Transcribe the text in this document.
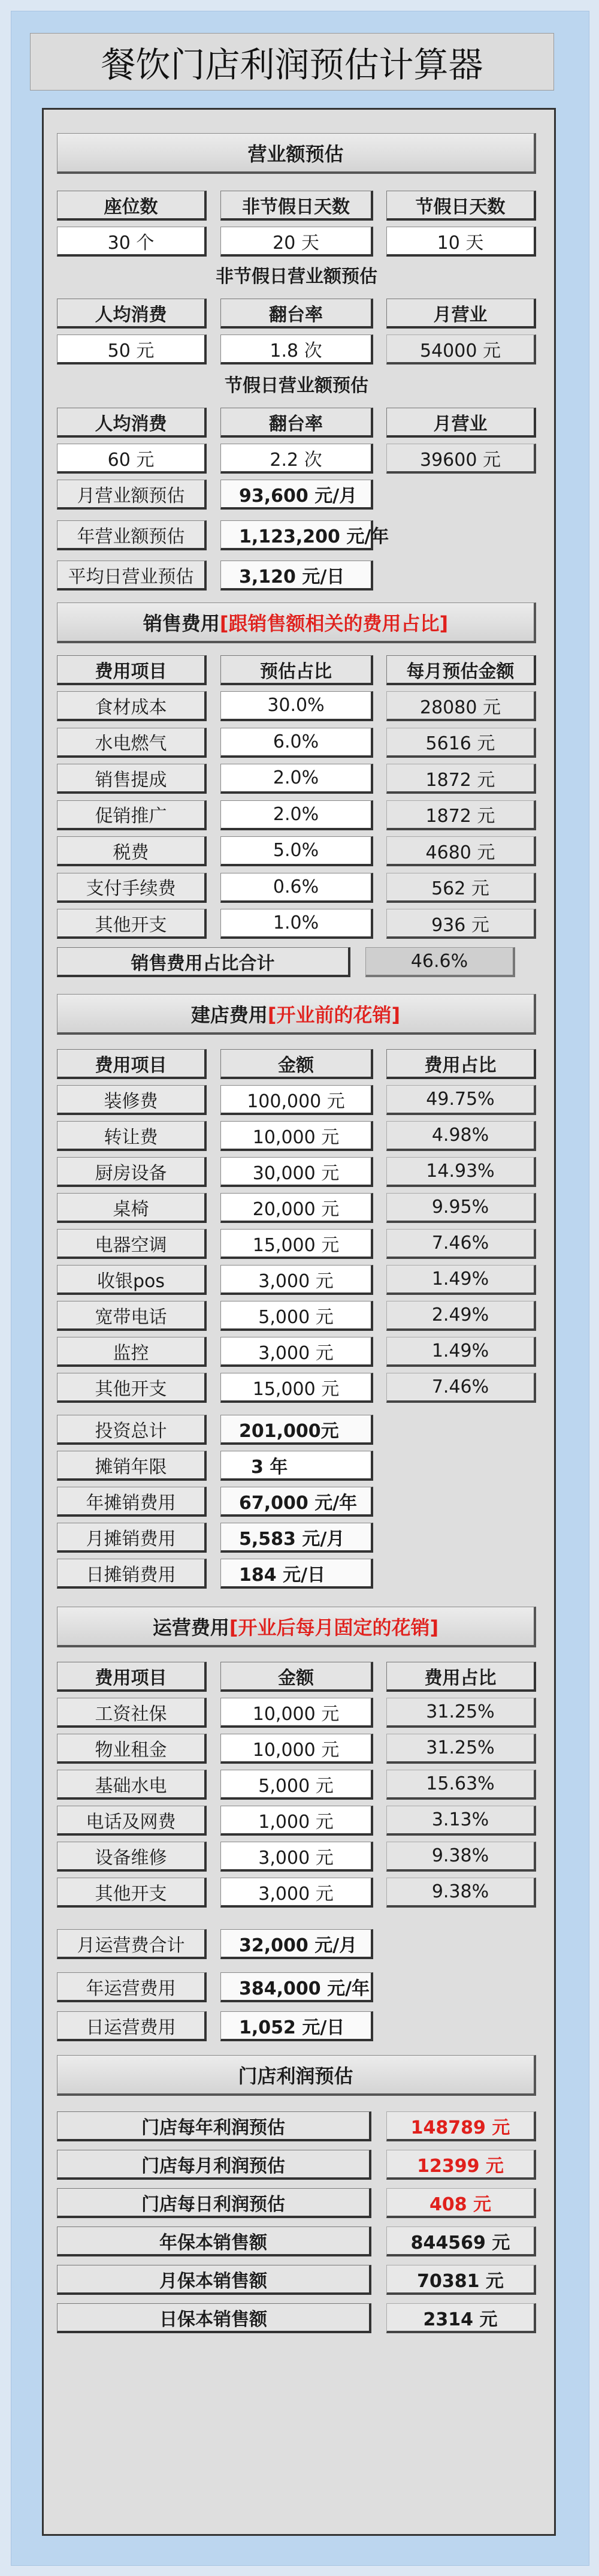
餐饮门店利润预估计算器
营业额预估
座位数	非节假日天数	节假日天数
30 个	20 天	10 天
非节假日营业额预估
人均消费	翻台率	月营业
50 元	1.8 次	54000 元
节假日营业额预估
人均消费	翻台率	月营业
60 元	2.2 次	39600 元
月营业额预估	93,600 元/月
年营业额预估	1,123,200 元/年
平均日营业预估	3,120 元/日
销售费用 [跟销售额相关的费用占比]
费用项目	预估占比	每月预估金额
食材成本	30.0%	28080 元
水电燃气	6.0%	5616 元
销售提成	2.0%	1872 元
促销推广	2.0%	1872 元
税费	5.0%	4680 元
支付手续费	0.6%	562 元
其他开支	1.0%	936 元
销售费用占比合计	46.6%
建店费用 [开业前的花销]
费用项目	金额	费用占比
装修费	100,000 元	49.75%
转让费	10,000 元	4.98%
厨房设备	30,000 元	14.93%
桌椅	20,000 元	9.95%
电器空调	15,000 元	7.46%
收银pos	3,000 元	1.49%
宽带电话	5,000 元	2.49%
监控	3,000 元	1.49%
其他开支	15,000 元	7.46%
投资总计	201,000元
摊销年限	3 年
年摊销费用	67,000 元/年
月摊销费用	5,583 元/月
日摊销费用	184 元/日
运营费用 [开业后每月固定的花销]
费用项目	金额	费用占比
工资社保	10,000 元	31.25%
物业租金	10,000 元	31.25%
基础水电	5,000 元	15.63%
电话及网费	1,000 元	3.13%
设备维修	3,000 元	9.38%
其他开支	3,000 元	9.38%
月运营费合计	32,000 元/月
年运营费用	384,000 元/年
日运营费用	1,052 元/日
门店利润预估
门店每年利润预估	148789 元
门店每月利润预估	12399 元
门店每日利润预估	408 元
年保本销售额	844569 元
月保本销售额	70381 元
日保本销售额	2314 元
